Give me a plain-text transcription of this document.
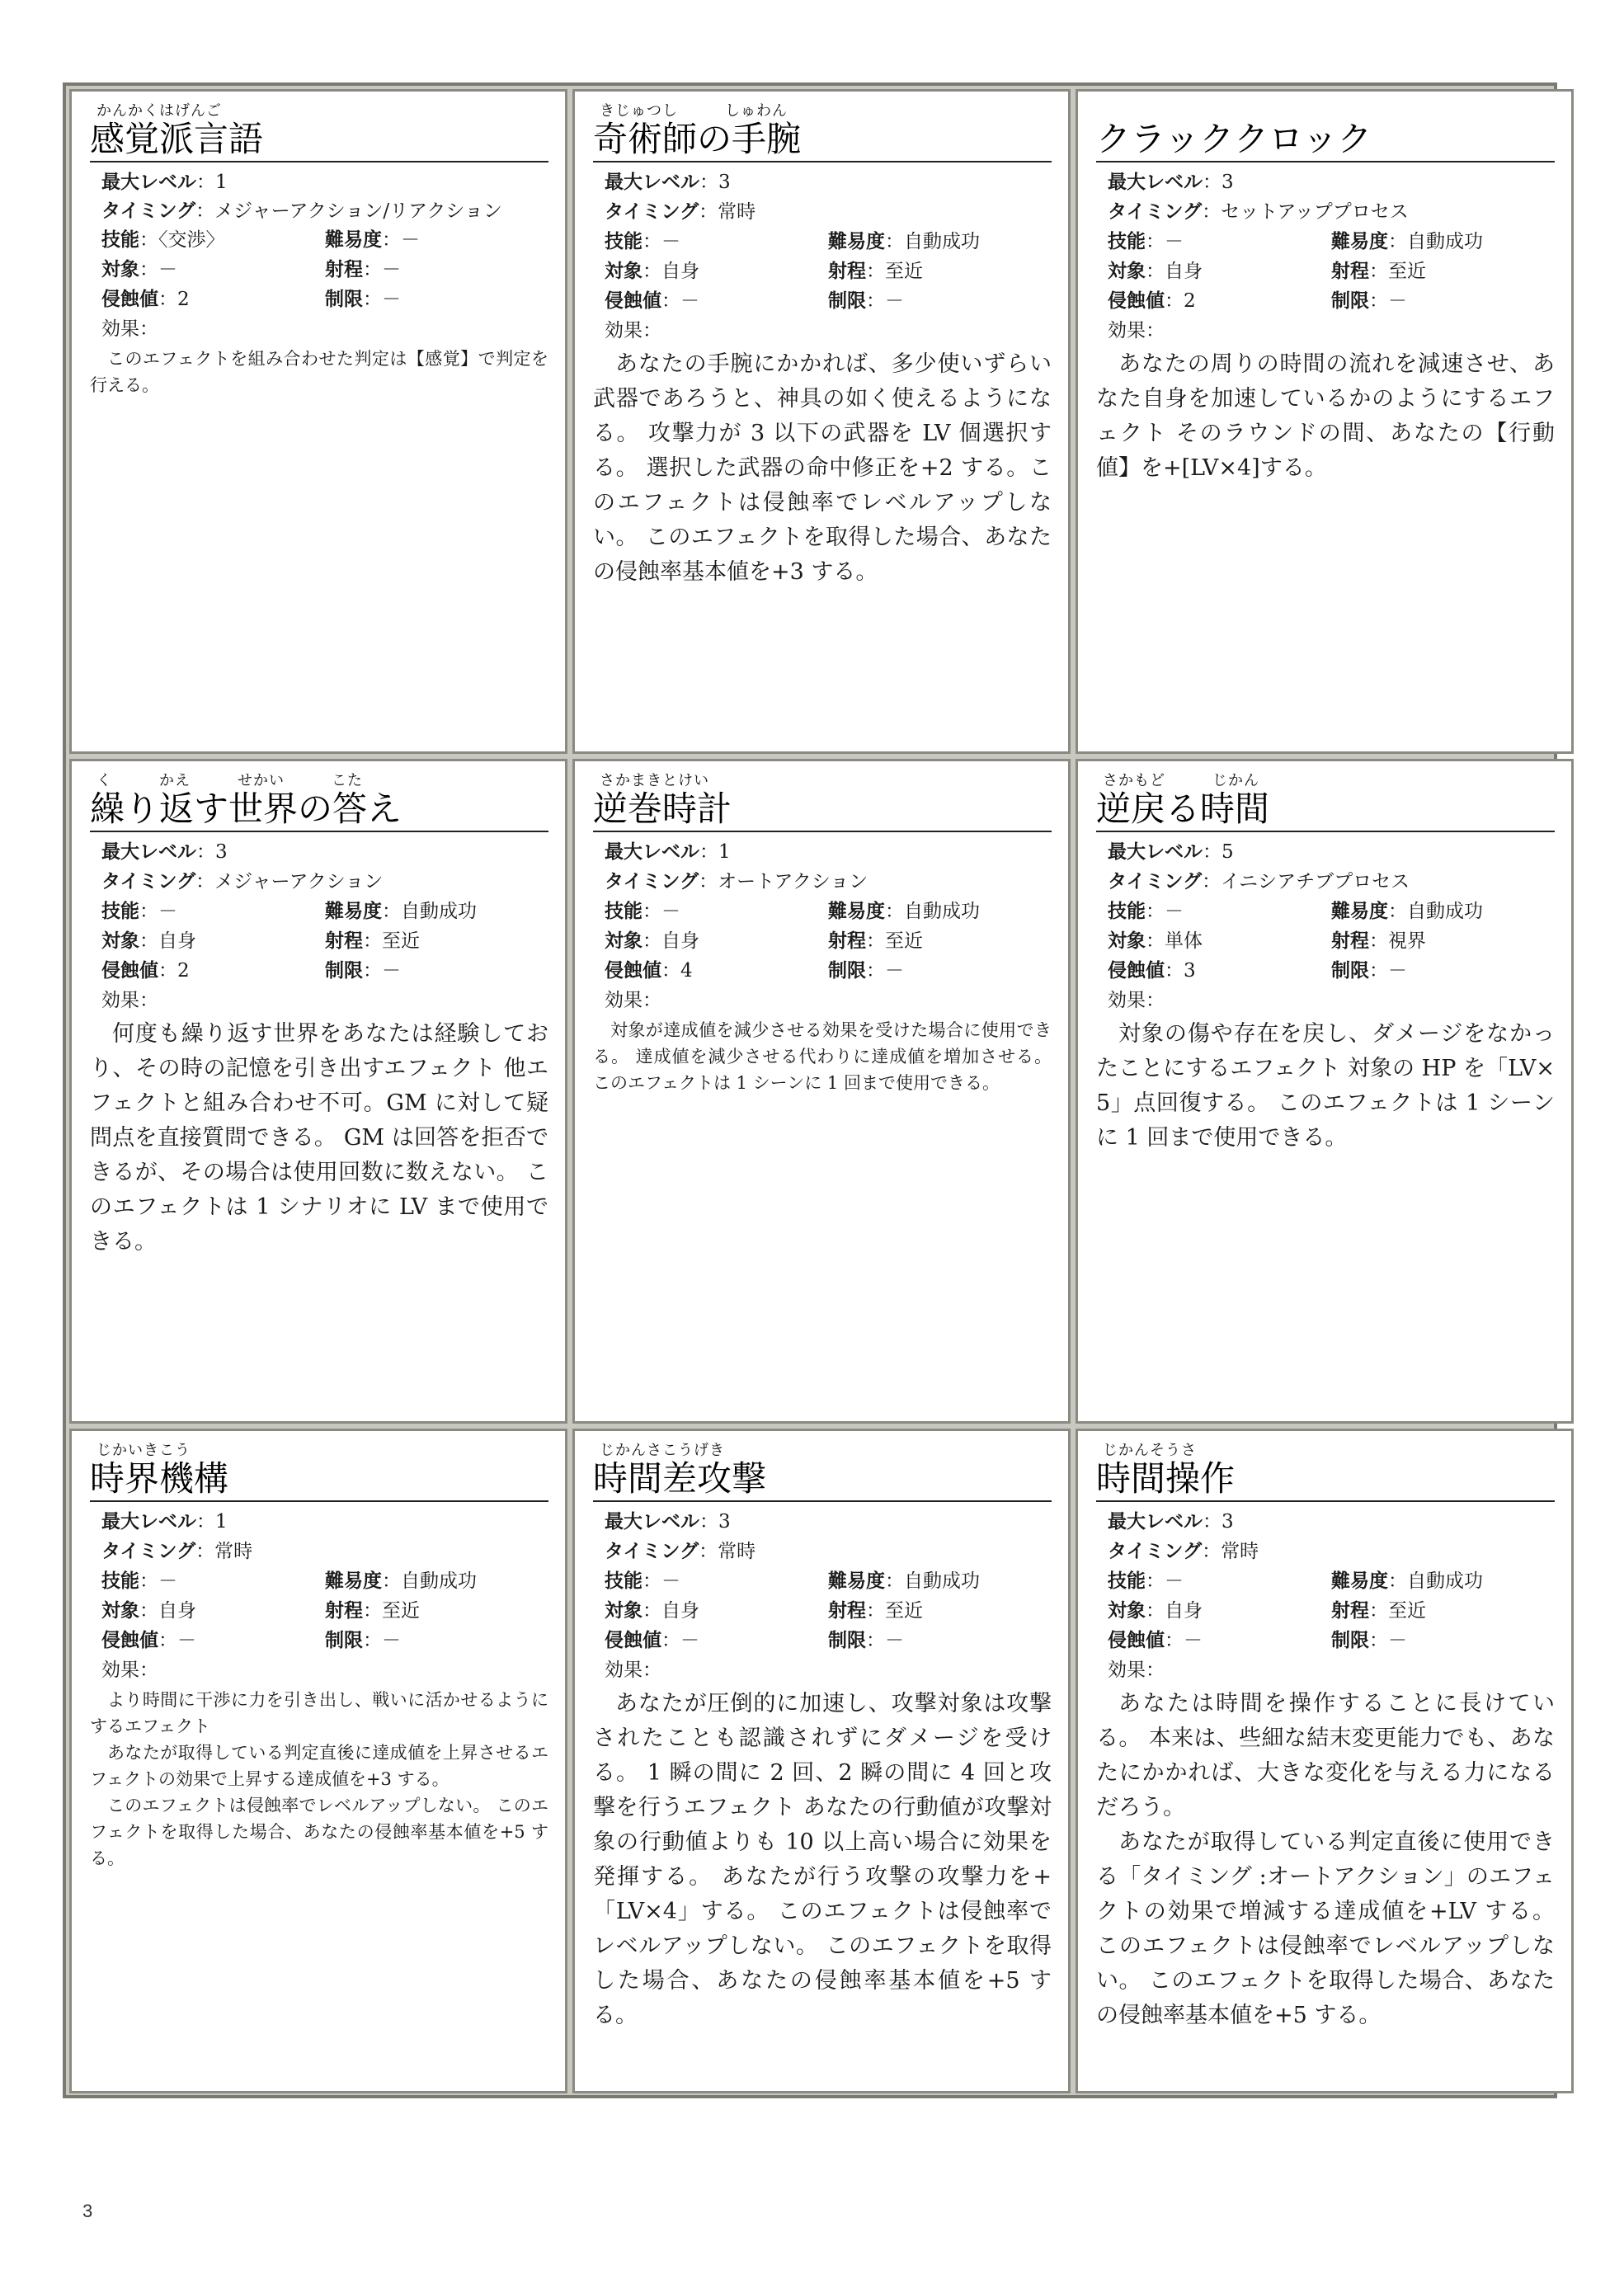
かんかくはげんご
感覚派言語
最大レベル：1
タイミング：メジャーアクション/リアクション
技能：〈交渉〉	難易度：－
対象：－	射程：－
侵蝕値：2	制限：－
効果：

このエフェクトを組み合わせた判定は【感覚】で判定を行える。

きじゅつし　　　しゅわん
奇術師の手腕
最大レベル：3
タイミング：常時
技能：－	難易度：自動成功
対象：自身	射程：至近
侵蝕値：－	制限：－
効果：

あなたの手腕にかかれば、多少使いずらい武器であろうと、神具の如く使えるようになる。 攻撃力が 3 以下の武器を LV 個選択する。 選択した武器の命中修正を+2 する。このエフェクトは侵蝕率でレベルアップしない。 このエフェクトを取得した場合、あなたの侵蝕率基本値を+3 する。

クラッククロック
最大レベル：3
タイミング：セットアッププロセス
技能：－	難易度：自動成功
対象：自身	射程：至近
侵蝕値：2	制限：－
効果：

あなたの周りの時間の流れを減速させ、あなた自身を加速しているかのようにするエフェクト そのラウンドの間、あなたの【行動値】を+[LV×4]する。

く　　　かえ　　　せかい　　　こた
繰り返す世界の答え
最大レベル：3
タイミング：メジャーアクション
技能：－	難易度：自動成功
対象：自身	射程：至近
侵蝕値：2	制限：－
効果：

何度も繰り返す世界をあなたは経験しており、その時の記憶を引き出すエフェクト 他エフェクトと組み合わせ不可。GM に対して疑問点を直接質問できる。 GM は回答を拒否できるが、その場合は使用回数に数えない。 このエフェクトは 1 シナリオに LV まで使用できる。

さかまきとけい
逆巻時計
最大レベル：1
タイミング：オートアクション
技能：－	難易度：自動成功
対象：自身	射程：至近
侵蝕値：4	制限：－
効果：

対象が達成値を減少させる効果を受けた場合に使用できる。 達成値を減少させる代わりに達成値を増加させる。 このエフェクトは 1 シーンに 1 回まで使用できる。

さかもど　　　じかん
逆戻る時間
最大レベル：5
タイミング：イニシアチブプロセス
技能：－	難易度：自動成功
対象：単体	射程：視界
侵蝕値：3	制限：－
効果：

対象の傷や存在を戻し、ダメージをなかったことにするエフェクト 対象の HP を「LV×5」点回復する。 このエフェクトは 1 シーンに 1 回まで使用できる。

じかいきこう
時界機構
最大レベル：1
タイミング：常時
技能：－	難易度：自動成功
対象：自身	射程：至近
侵蝕値：－	制限：－
効果：

より時間に干渉に力を引き出し、戦いに活かせるようにするエフェクト

あなたが取得している判定直後に達成値を上昇させるエフェクトの効果で上昇する達成値を+3 する。

このエフェクトは侵蝕率でレベルアップしない。 このエフェクトを取得した場合、あなたの侵蝕率基本値を+5 する。

じかんさこうげき
時間差攻撃
最大レベル：3
タイミング：常時
技能：－	難易度：自動成功
対象：自身	射程：至近
侵蝕値：－	制限：－
効果：

あなたが圧倒的に加速し、攻撃対象は攻撃されたことも認識されずにダメージを受ける。 1 瞬の間に 2 回、2 瞬の間に 4 回と攻撃を行うエフェクト あなたの行動値が攻撃対象の行動値よりも 10 以上高い場合に効果を発揮する。 あなたが行う攻撃の攻撃力を+「LV×4」する。 このエフェクトは侵蝕率でレベルアップしない。 このエフェクトを取得した場合、あなたの侵蝕率基本値を+5 する。

じかんそうさ
時間操作
最大レベル：3
タイミング：常時
技能：－	難易度：自動成功
対象：自身	射程：至近
侵蝕値：－	制限：－
効果：

あなたは時間を操作することに長けている。 本来は、些細な結末変更能力でも、あなたにかかれば、大きな変化を与える力になるだろう。

あなたが取得している判定直後に使用できる「タイミング :オートアクション」のエフェクトの効果で増減する達成値を+LV する。 このエフェクトは侵蝕率でレベルアップしない。 このエフェクトを取得した場合、あなたの侵蝕率基本値を+5 する。

3
